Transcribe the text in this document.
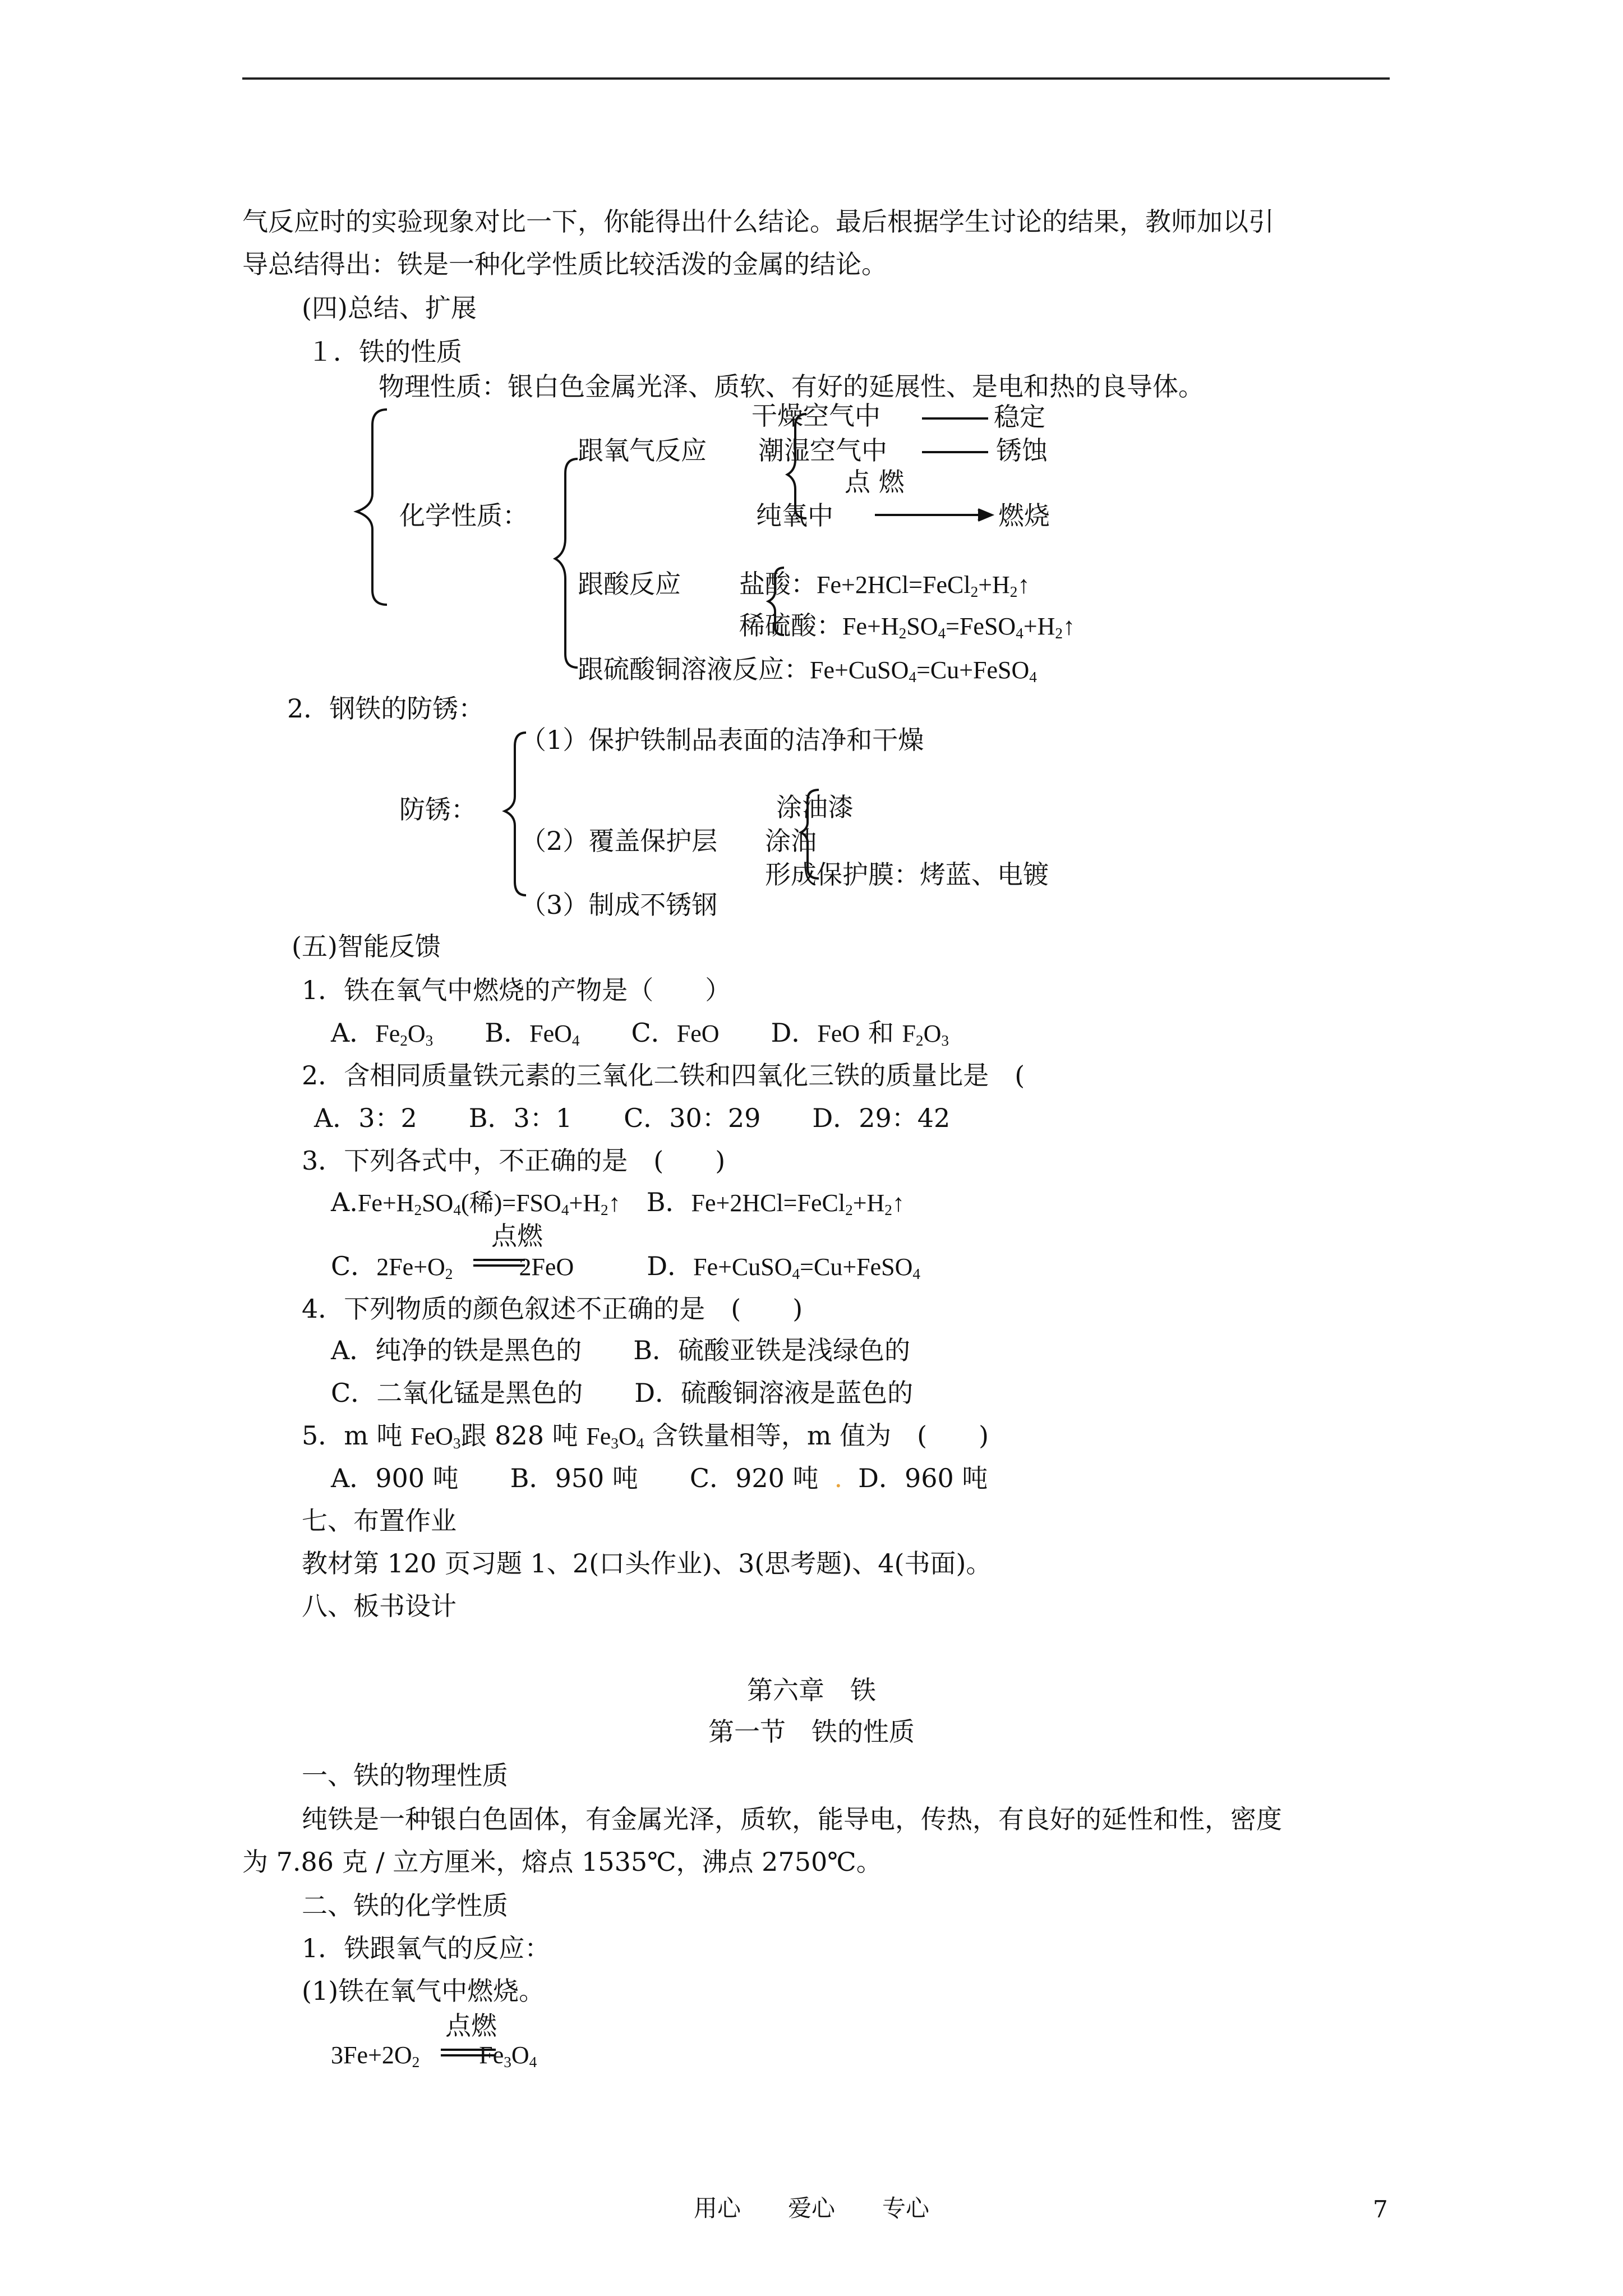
气反应时的实验现象对比一下，你能得出什么结论。最后根据学生讨论的结果，教师加以引
导总结得出：铁是一种化学性质比较活泼的金属的结论。
(四)总结、扩展
１．铁的性质
物理性质：银白色金属光泽、质软、有好的延展性、是电和热的良导体。
化学性质：
跟氧气反应
干燥空气中	稳定
潮湿空气中	锈蚀
点 燃
纯氧中	燃烧
跟酸反应 盐酸：$Fe+2HCl=FeCl_2+H_2↑$
稀硫酸：$Fe+H_2SO_4=FeSO_4+H_2↑$
跟硫酸铜溶液反应：Fe+CuSO$_4$=Cu+FeSO$_4$
2．钢铁的防锈：
防锈：
（1）保护铁制品表面的洁净和干燥
（2）覆盖保护层
涂油漆
涂油
形成保护膜：烤蓝、电镀
（3）制成不锈钢
(五)智能反馈
1．铁在氧气中燃烧的产物是（　　）
A．$Fe_2O_3$　　 B．FeO$_4$　　 C．FeO　　 D．FeO 和 $F_2O_3$
2．含相同质量铁元素的三氧化二铁和四氧化三铁的质量比是　(
A．3：2　　B．3：1　　C．30：29　　D．29：42
3．下列各式中，不正确的是　(　　)
$A.Fe+H_2SO_4$(稀)$=FSO_4+H_2↑$　 B．$Fe+2HCl=FeCl_2+H_2↑$
点燃
C．$2Fe+O_2$	2FeO	D．Fe+CuSO$_4$=Cu+FeSO$_4$
4．下列物质的颜色叙述不正确的是　(　　)
A．纯净的铁是黑色的　　B．硫酸亚铁是浅绿色的
C．二氧化锰是黑色的　　D．硫酸铜溶液是蓝色的
5．m 吨 FeO$_3$跟 828 吨 $Fe_3O_4$ 含铁量相等，m 值为　(　　)
A．900 吨　　B．950 吨　　C．920 吨 . D．960 吨
七、布置作业
教材第 120 页习题 1、2(口头作业)、3(思考题)、4(书面)。
八、板书设计
第六章　铁
第一节　铁的性质
一、铁的物理性质
纯铁是一种银白色固体，有金属光泽，质软，能导电，传热，有良好的延性和性，密度
为 7.86 克 / 立方厘米，熔点 1535℃，沸点 2750℃。
二、铁的化学性质
1．铁跟氧气的反应：
(1)铁在氧气中燃烧。
点燃
$3Fe+2O_2$ $Fe_3O_4$
用心　　爱心　　专心	7
